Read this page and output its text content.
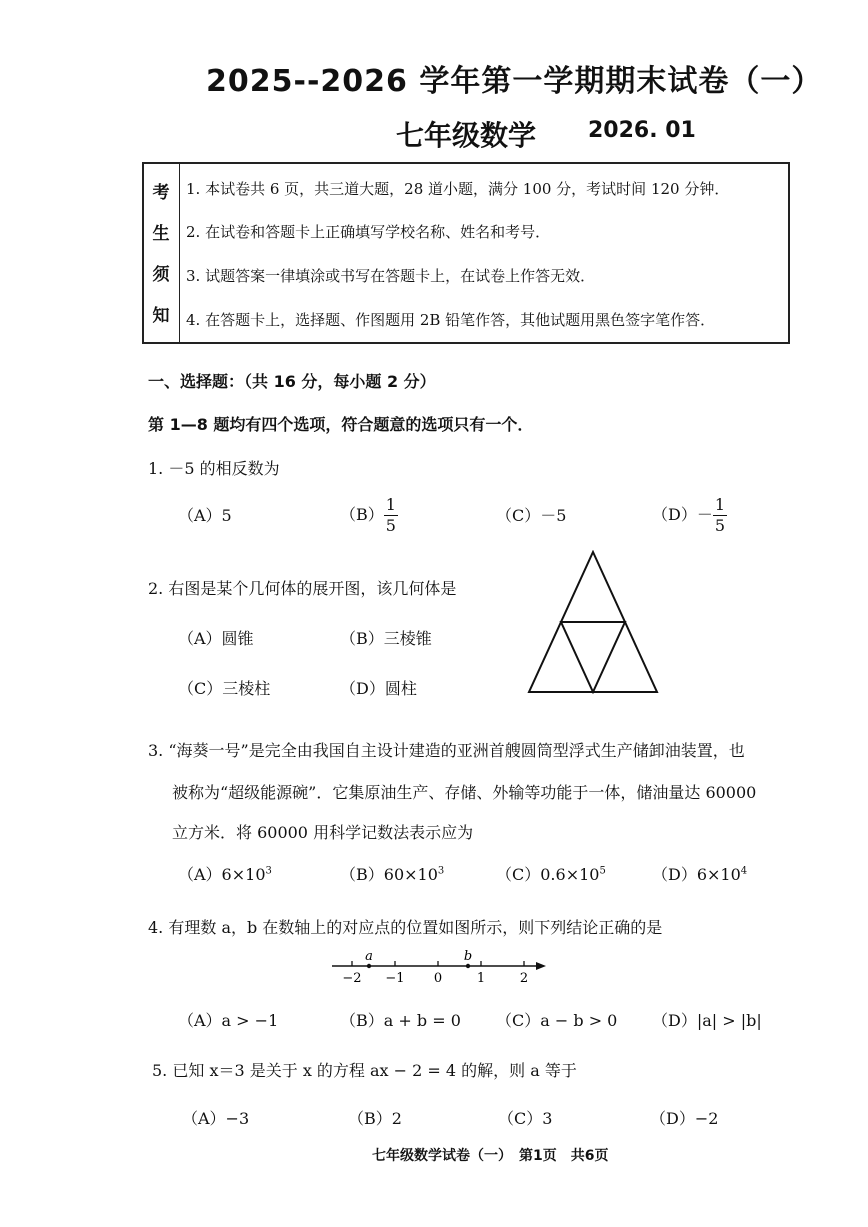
2025--2026 学年第一学期期末试卷（一）
七年级数学 2026. 01
考
生
须
知
1. 本试卷共 6 页，共三道大题，28 道小题，满分 100 分，考试时间 120 分钟．
2. 在试卷和答题卡上正确填写学校名称、姓名和考号．
3. 试题答案一律填涂或书写在答题卡上，在试卷上作答无效．
4. 在答题卡上，选择题、作图题用 2B 铅笔作答，其他试题用黑色签字笔作答．
一、选择题：（共 16 分，每小题 2 分）
第 1—8 题均有四个选项，符合题意的选项只有一个．
1. －5 的相反数为
（A）5	$(B) \frac{1}{5}$	（C）－5	$(D)- \frac{1}{5}$
2. 右图是某个几何体的展开图，该几何体是
（A）圆锥	（B）三棱锥
（C）三棱柱	（D）圆柱
3. “海葵一号”是完全由我国自主设计建造的亚洲首艘圆筒型浮式生产储卸油装置，也
被称为“超级能源碗”．它集原油生产、存储、外输等功能于一体，储油量达 60000
立方米．将 60000 用科学记数法表示应为
$(A)6\times 10^3$	$(B)60\times 10^3$	$(C)0.6\times 10^5$	$(D)6\times 10^4$
4. 有理数 a，b 在数轴上的对应点的位置如图所示，则下列结论正确的是
a	b
−2 −1 0	1	2
（A）a > −1	（B）a + b = 0 （C）a − b > 0 （D）|a| > |b|
5. 已知 x＝3 是关于 x 的方程 ax − 2 = 4 的解，则 a 等于
（A）−3	（B）2	（C）3	（D）−2
七年级数学试卷（一）　第1页　共6页
